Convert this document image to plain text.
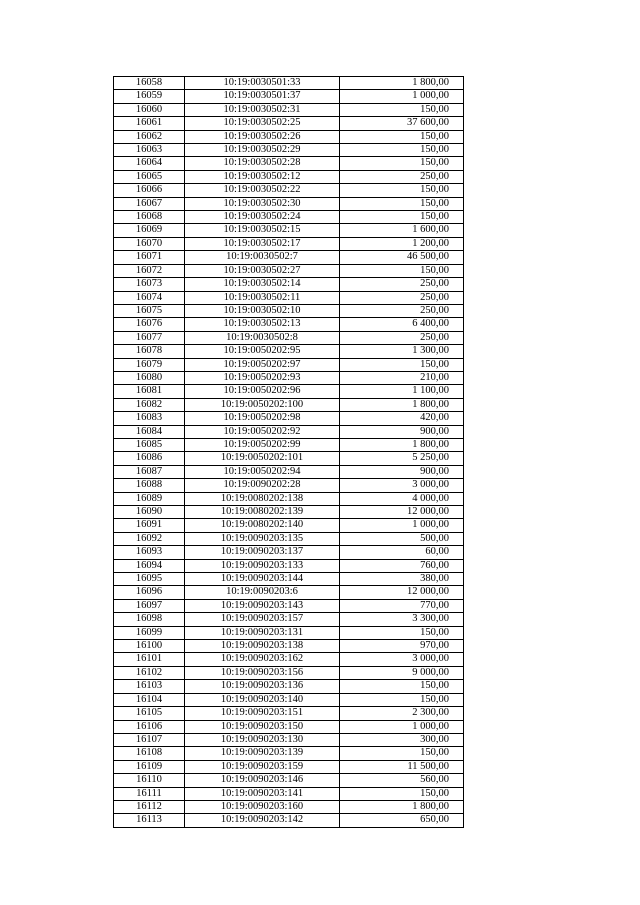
16058	10:19:0030501:33	1 800,00
16059	10:19:0030501:37	1 000,00
16060	10:19:0030502:31	150,00
16061	10:19:0030502:25	37 600,00
16062	10:19:0030502:26	150,00
16063	10:19:0030502:29	150,00
16064	10:19:0030502:28	150,00
16065	10:19:0030502:12	250,00
16066	10:19:0030502:22	150,00
16067	10:19:0030502:30	150,00
16068	10:19:0030502:24	150,00
16069	10:19:0030502:15	1 600,00
16070	10:19:0030502:17	1 200,00
16071	10:19:0030502:7	46 500,00
16072	10:19:0030502:27	150,00
16073	10:19:0030502:14	250,00
16074	10:19:0030502:11	250,00
16075	10:19:0030502:10	250,00
16076	10:19:0030502:13	6 400,00
16077	10:19:0030502:8	250,00
16078	10:19:0050202:95	1 300,00
16079	10:19:0050202:97	150,00
16080	10:19:0050202:93	210,00
16081	10:19:0050202:96	1 100,00
16082	10:19:0050202:100	1 800,00
16083	10:19:0050202:98	420,00
16084	10:19:0050202:92	900,00
16085	10:19:0050202:99	1 800,00
16086	10:19:0050202:101	5 250,00
16087	10:19:0050202:94	900,00
16088	10:19:0090202:28	3 000,00
16089	10:19:0080202:138	4 000,00
16090	10:19:0080202:139	12 000,00
16091	10:19:0080202:140	1 000,00
16092	10:19:0090203:135	500,00
16093	10:19:0090203:137	60,00
16094	10:19:0090203:133	760,00
16095	10:19:0090203:144	380,00
16096	10:19:0090203:6	12 000,00
16097	10:19:0090203:143	770,00
16098	10:19:0090203:157	3 300,00
16099	10:19:0090203:131	150,00
16100	10:19:0090203:138	970,00
16101	10:19:0090203:162	3 000,00
16102	10:19:0090203:156	9 000,00
16103	10:19:0090203:136	150,00
16104	10:19:0090203:140	150,00
16105	10:19:0090203:151	2 300,00
16106	10:19:0090203:150	1 000,00
16107	10:19:0090203:130	300,00
16108	10:19:0090203:139	150,00
16109	10:19:0090203:159	11 500,00
16110	10:19:0090203:146	560,00
16111	10:19:0090203:141	150,00
16112	10:19:0090203:160	1 800,00
16113	10:19:0090203:142	650,00
